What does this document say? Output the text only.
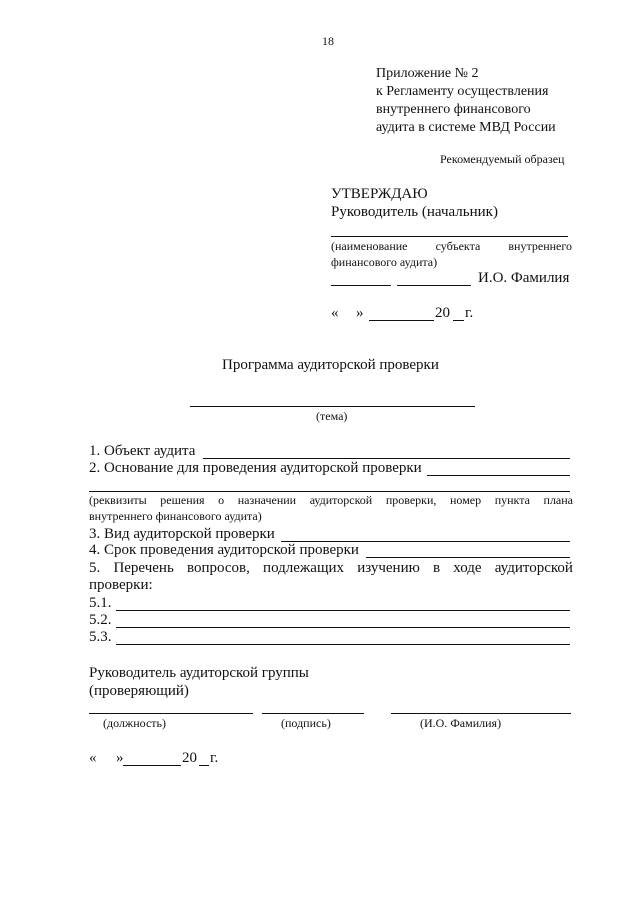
18
Приложение № 2
к Регламенту осуществления
внутреннего финансового
аудита в системе МВД России
Рекомендуемый образец
УТВЕРЖДАЮ
Руководитель (начальник)
(наименование субъекта внутреннего
финансового аудита)
И.О. Фамилия
« »	20 г.
Программа аудиторской проверки
(тема)
1. Объект аудита
2. Основание для проведения аудиторской проверки
(реквизиты решения о назначении аудиторской проверки, номер пункта плана
внутреннего финансового аудита)
3. Вид аудиторской проверки
4. Срок проведения аудиторской проверки
5. Перечень вопросов, подлежащих изучению в ходе аудиторской
проверки:
5.1.
5.2.
5.3.
Руководитель аудиторской группы
(проверяющий)
(должность)	(подпись)	(И.О. Фамилия)
« »	20 г.
